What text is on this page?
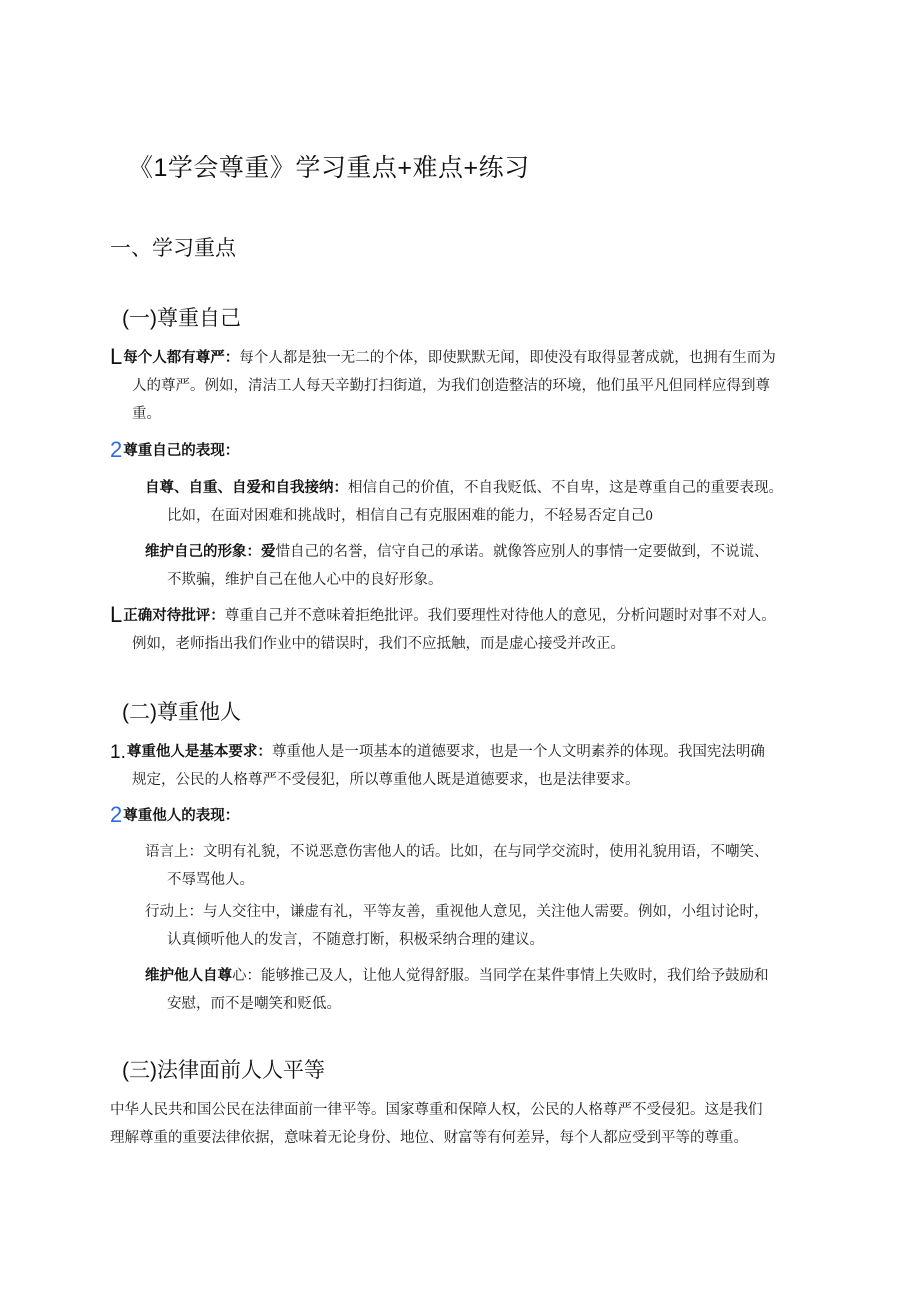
《1学会尊重》学习重点+难点+练习
一、学习重点
(一)尊重自己
L每个人都有尊严：每个人都是独一无二的个体，即使默默无闻，即使没有取得显著成就，也拥有生而为
人的尊严。例如，清洁工人每天辛勤打扫街道，为我们创造整洁的环境，他们虽平凡但同样应得到尊
重。
2尊重自己的表现：
自尊、自重、自爱和自我接纳：相信自己的价值，不自我贬低、不自卑，这是尊重自己的重要表现。
比如，在面对困难和挑战时，相信自己有克服困难的能力，不轻易否定自己0
维护自己的形象：爱惜自己的名誉，信守自己的承诺。就像答应别人的事情一定要做到，不说谎、
不欺骗，维护自己在他人心中的良好形象。
L正确对待批评：尊重自己并不意味着拒绝批评。我们要理性对待他人的意见，分析问题时对事不对人。
例如，老师指出我们作业中的错误时，我们不应抵触，而是虚心接受并改正。
(二)尊重他人
1.尊重他人是基本要求：尊重他人是一项基本的道德要求，也是一个人文明素养的体现。我国宪法明确
规定，公民的人格尊严不受侵犯，所以尊重他人既是道德要求，也是法律要求。
2尊重他人的表现：
语言上：文明有礼貌，不说恶意伤害他人的话。比如，在与同学交流时，使用礼貌用语，不嘲笑、
不辱骂他人。
行动上：与人交往中，谦虚有礼，平等友善，重视他人意见，关注他人需要。例如，小组讨论时，
认真倾听他人的发言，不随意打断，积极采纳合理的建议。
维护他人自尊心：能够推己及人，让他人觉得舒服。当同学在某件事情上失败时，我们给予鼓励和
安慰，而不是嘲笑和贬低。
(三)法律面前人人平等
中华人民共和国公民在法律面前一律平等。国家尊重和保障人权，公民的人格尊严不受侵犯。这是我们
理解尊重的重要法律依据，意味着无论身份、地位、财富等有何差异，每个人都应受到平等的尊重。
